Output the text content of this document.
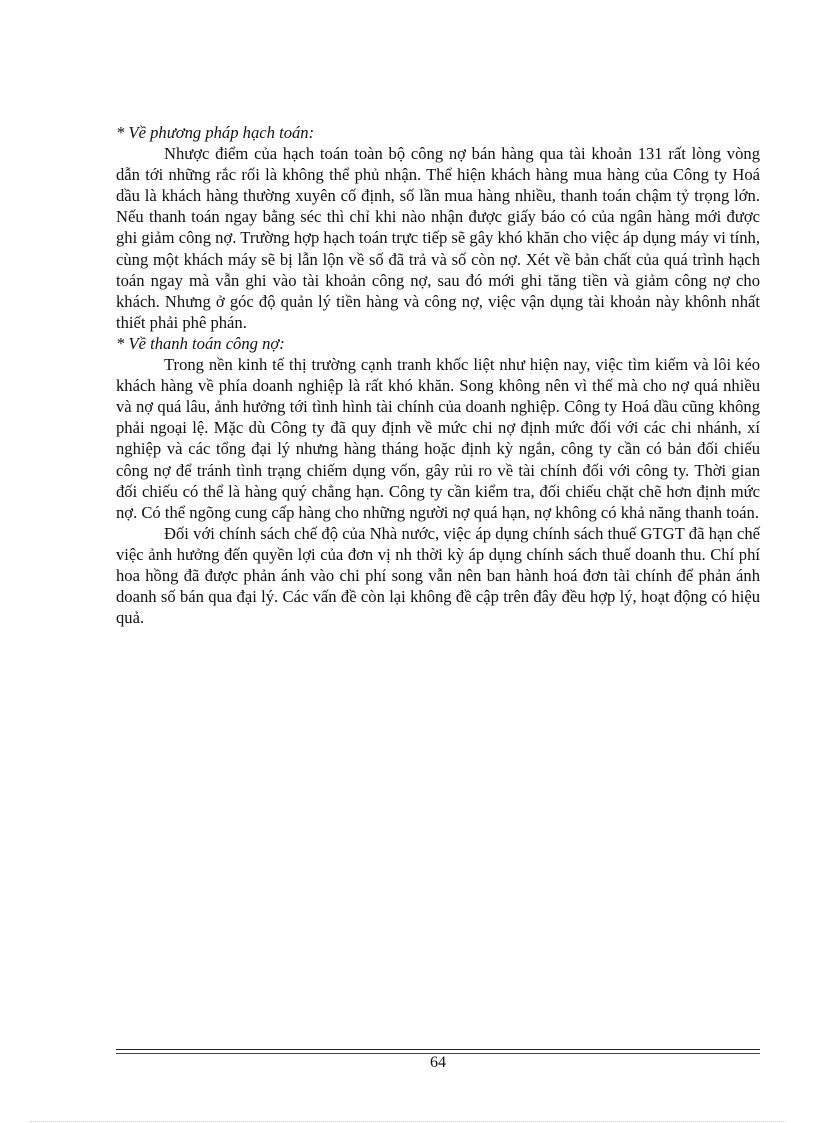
* Về phương pháp hạch toán:

Nhược điểm của hạch toán toàn bộ công nợ bán hàng qua tài khoản 131 rất lòng vòng dẫn tới những rắc rối là không thể phủ nhận. Thể hiện khách hàng mua hàng của Công ty Hoá dầu là khách hàng thường xuyên cố định, số lần mua hàng nhiều, thanh toán chậm tỷ trọng lớn. Nếu thanh toán ngay bằng séc thì chỉ khi nào nhận được giấy báo có của ngân hàng mới được ghi giảm công nợ. Trường hợp hạch toán trực tiếp sẽ gây khó khăn cho việc áp dụng máy vi tính, cùng một khách máy sẽ bị lẫn lộn về số đã trả và số còn nợ. Xét về bản chất của quá trình hạch toán ngay mà vẫn ghi vào tài khoản công nợ, sau đó mới ghi tăng tiền và giảm công nợ cho khách. Nhưng ở góc độ quản lý tiền hàng và công nợ, việc vận dụng tài khoản này khônh nhất thiết phải phê phán.

* Về thanh toán công nợ:

Trong nền kinh tế thị trường cạnh tranh khốc liệt như hiện nay, việc tìm kiếm và lôi kéo khách hàng về phía doanh nghiệp là rất khó khăn. Song không nên vì thế mà cho nợ quá nhiều và nợ quá lâu, ảnh hưởng tới tình hình tài chính của doanh nghiệp. Công ty Hoá dầu cũng không phải ngoại lệ. Mặc dù Công ty đã quy định về mức chi nợ định mức đối với các chi nhánh, xí nghiệp và các tổng đại lý nhưng hàng tháng hoặc định kỳ ngắn, công ty cần có bản đối chiếu công nợ để tránh tình trạng chiếm dụng vốn, gây rủi ro về tài chính đối với công ty. Thời gian đối chiếu có thể là hàng quý chẳng hạn. Công ty cần kiểm tra, đối chiếu chặt chẽ hơn định mức nợ. Có thể ngõng cung cấp hàng cho những người nợ quá hạn, nợ không có khả năng thanh toán.

Đối với chính sách chế độ của Nhà nước, việc áp dụng chính sách thuế GTGT đã hạn chế việc ảnh hưởng đến quyền lợi của đơn vị nh thời kỳ áp dụng chính sách thuế doanh thu. Chí phí hoa hồng đã được phản ánh vào chi phí song vẫn nên ban hành hoá đơn tài chính để phản ánh doanh số bán qua đại lý. Các vấn đề còn lại không đề cập trên đây đều hợp lý, hoạt động có hiệu quả.

64
